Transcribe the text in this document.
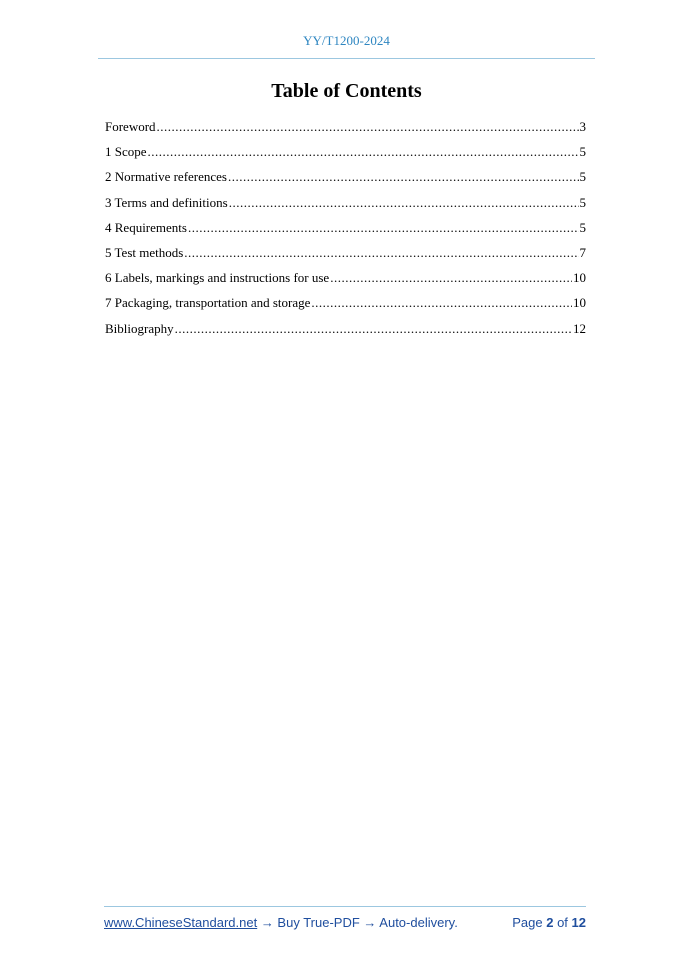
YY/T1200-2024
Table of Contents
Foreword .....	3
1 Scope .....	5
2 Normative references .....	5
3 Terms and definitions .....	5
4 Requirements .....	5
5 Test methods .....	7
6 Labels, markings and instructions for use .....	10
7 Packaging, transportation and storage .....	10
Bibliography .....	12
www.ChineseStandard.net → Buy True-PDF → Auto-delivery.	Page 2 of 12
